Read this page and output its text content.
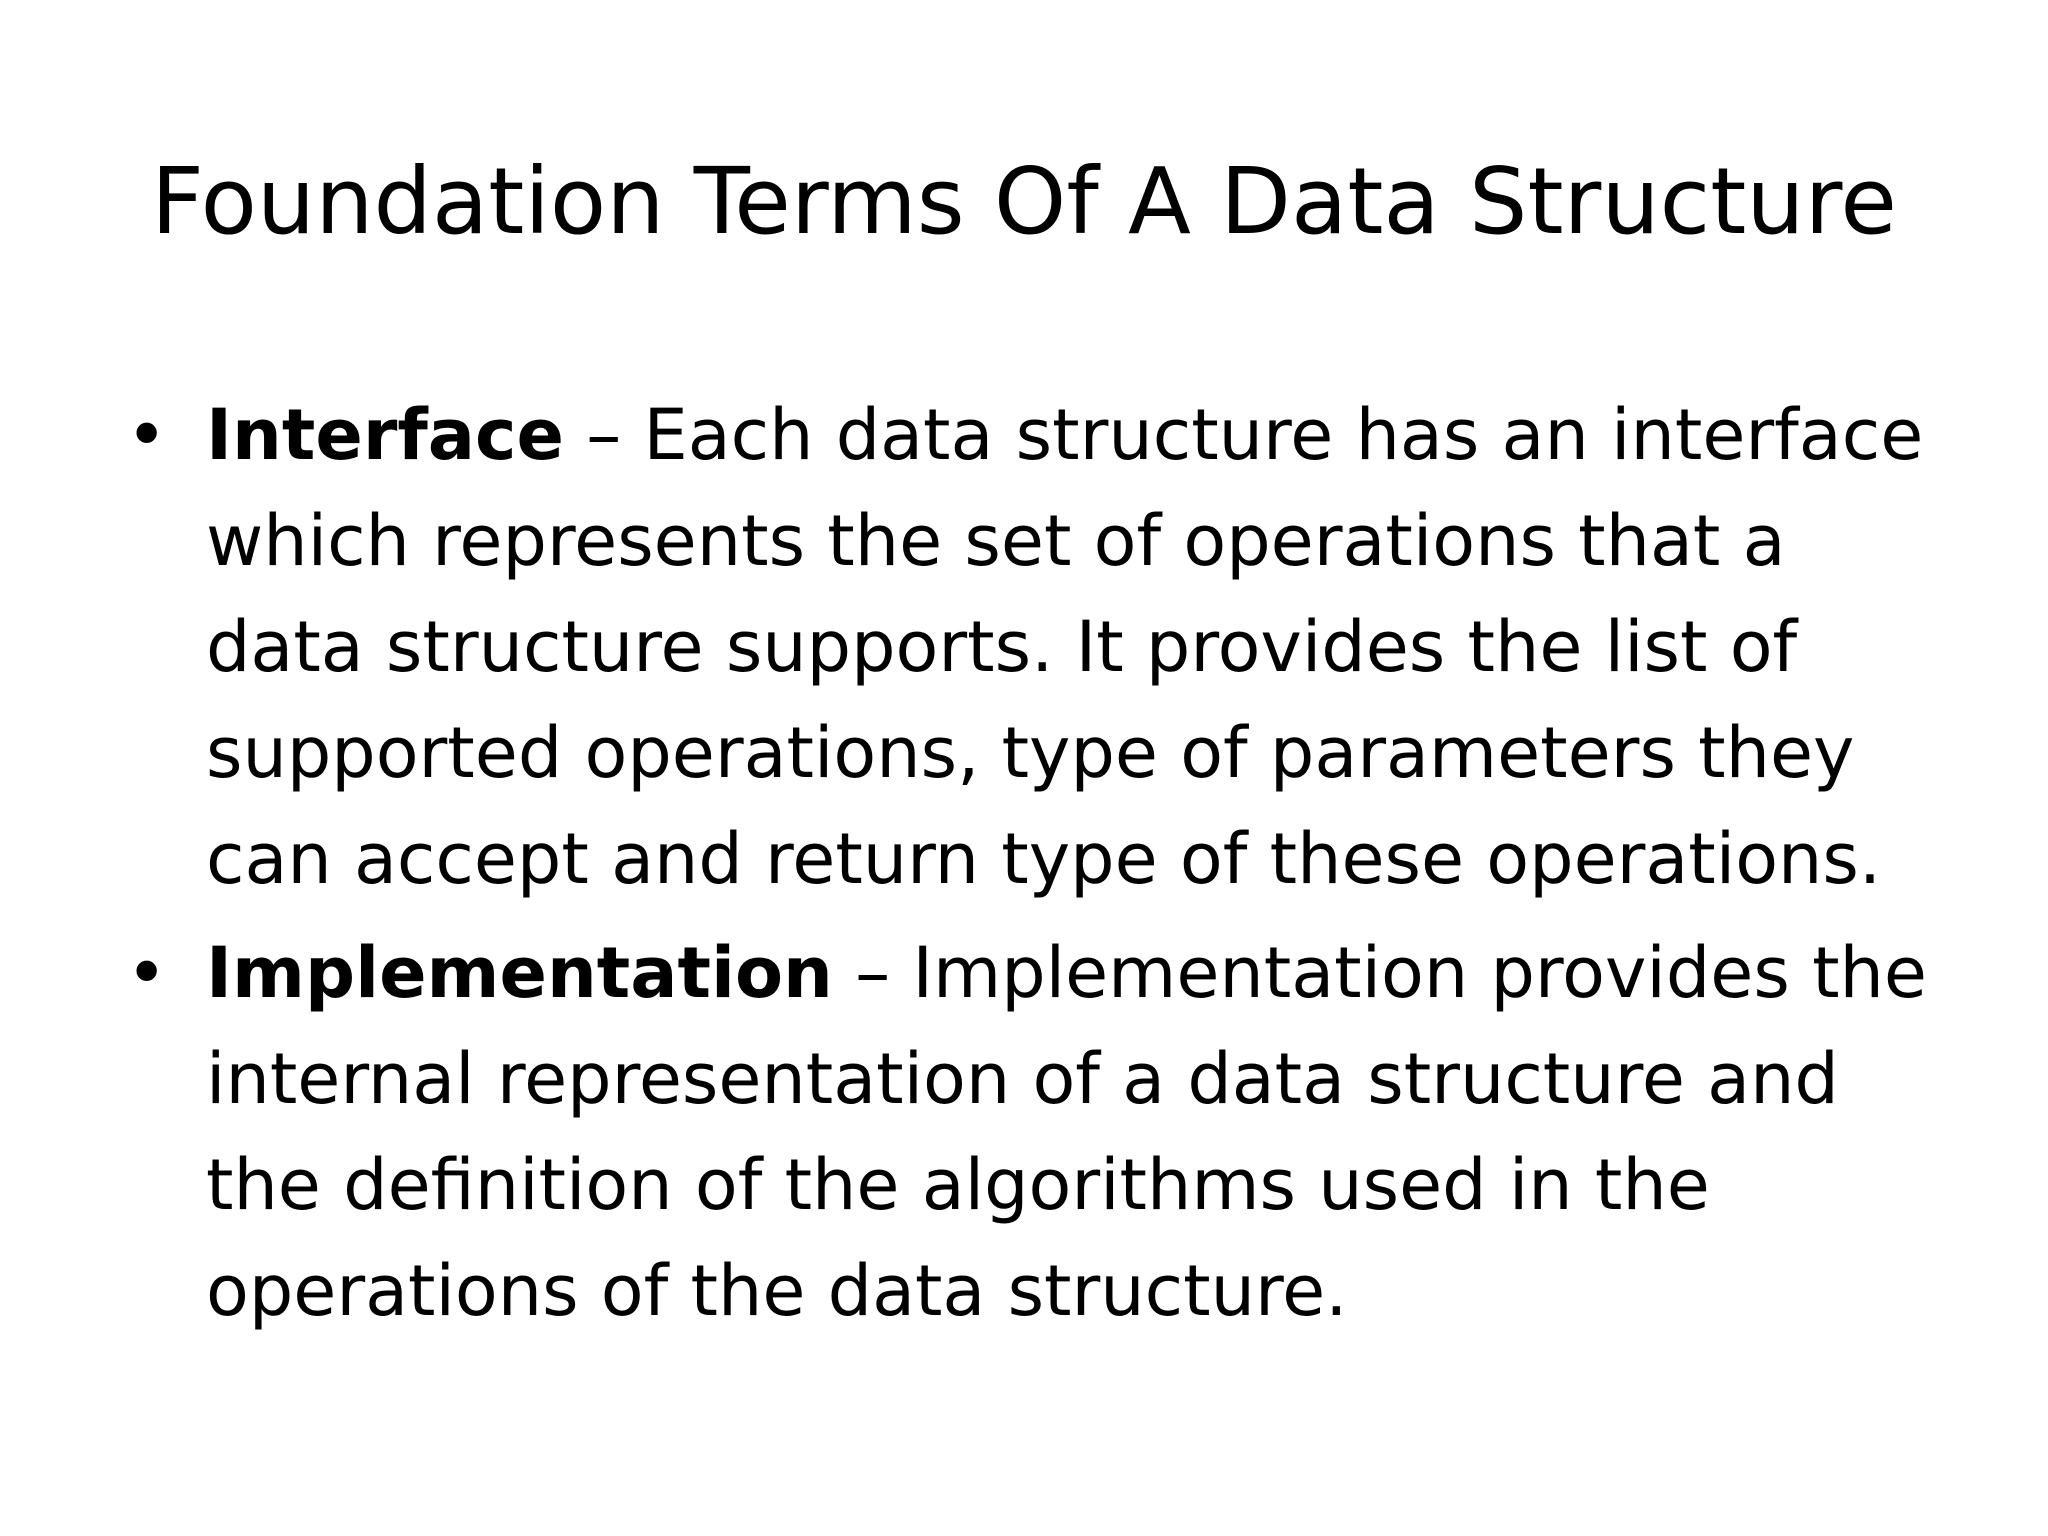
Foundation Terms Of A Data Structure
• Interface – Each data structure has an interface which represents the set of operations that a data structure supports. It provides the list of supported operations, type of parameters they can accept and return type of these operations.
• Implementation – Implementation provides the internal representation of a data structure and the definition of the algorithms used in the operations of the data structure.
